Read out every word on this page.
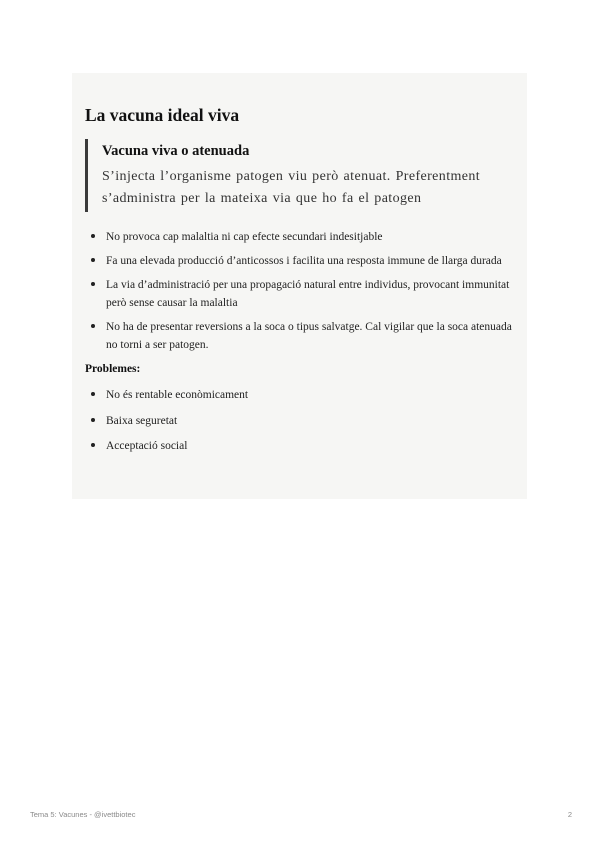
La vacuna ideal viva
Vacuna viva o atenuada

S’injecta l’organisme patogen viu però atenuat. Preferentment s’administra per la mateixa via que ho fa el patogen

No provoca cap malaltia ni cap efecte secundari indesitjable
Fa una elevada producció d’anticossos i facilita una resposta immune de llarga durada
La via d’administració per una propagació natural entre individus, provocant immunitat però sense causar la malaltia
No ha de presentar reversions a la soca o tipus salvatge. Cal vigilar que la soca atenuada no torni a ser patogen.
Problemes:
No és rentable econòmicament
Baixa seguretat
Acceptació social
Tema 5: Vacunes - @ivettbiotec	2
